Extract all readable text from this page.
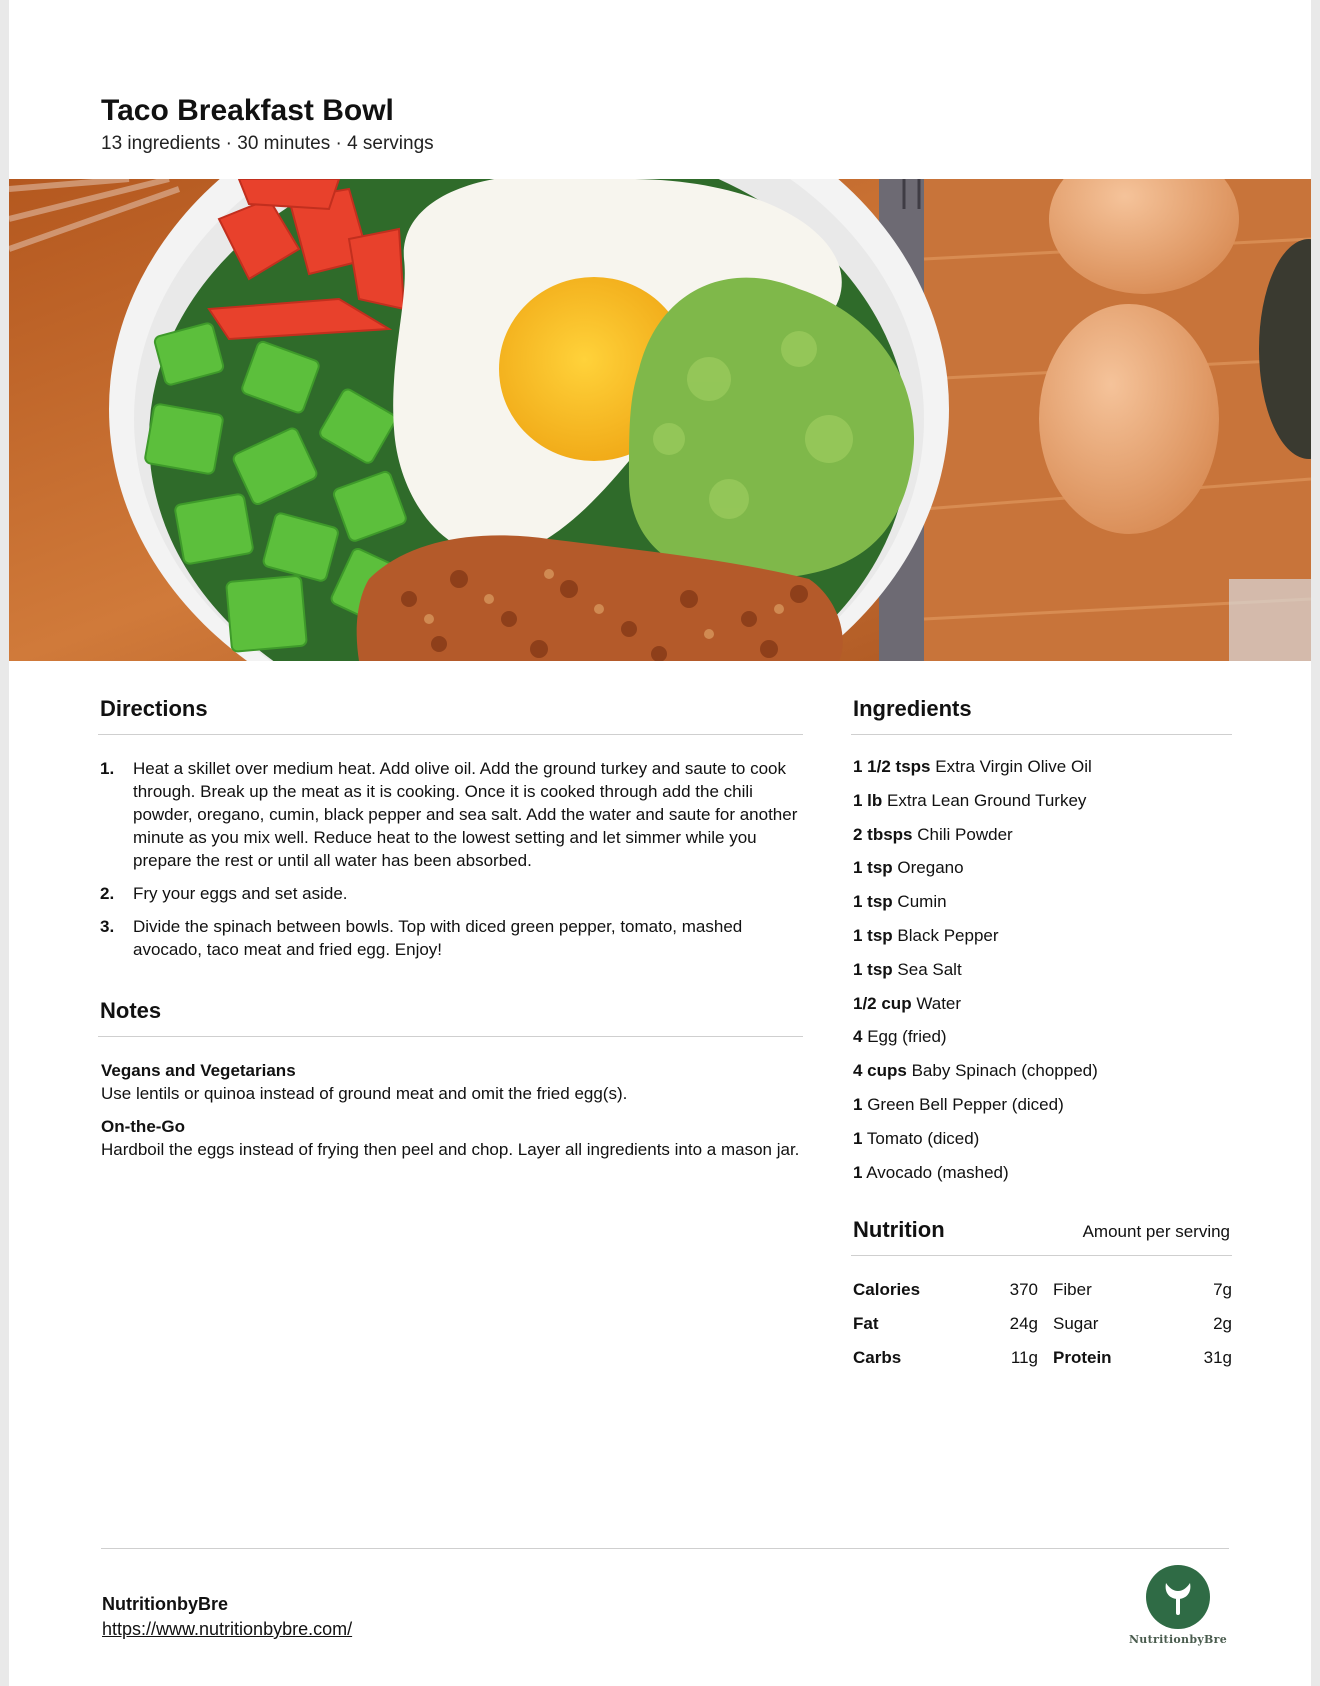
Taco Breakfast Bowl
13 ingredients · 30 minutes · 4 servings
Directions
1.	Heat a skillet over medium heat. Add olive oil. Add the ground turkey and saute to cook through. Break up the meat as it is cooking. Once it is cooked through add the chili powder, oregano, cumin, black pepper and sea salt. Add the water and saute for another minute as you mix well. Reduce heat to the lowest setting and let simmer while you prepare the rest or until all water has been absorbed.
2.	Fry your eggs and set aside.
3.	Divide the spinach between bowls. Top with diced green pepper, tomato, mashed avocado, taco meat and fried egg. Enjoy!
Notes
Vegans and Vegetarians
Use lentils or quinoa instead of ground meat and omit the fried egg(s).
On-the-Go
Hardboil the eggs instead of frying then peel and chop. Layer all ingredients into a mason jar.
Ingredients
1 1/2 tsps Extra Virgin Olive Oil
1 lb Extra Lean Ground Turkey
2 tbsps Chili Powder
1 tsp Oregano
1 tsp Cumin
1 tsp Black Pepper
1 tsp Sea Salt
1/2 cup Water
4 Egg (fried)
4 cups Baby Spinach (chopped)
1 Green Bell Pepper (diced)
1 Tomato (diced)
1 Avocado (mashed)
Nutrition	Amount per serving
Calories	370 Fiber	7g
Fat	24g Sugar	2g
Carbs	11g Protein	31g
NutritionbyBre
https://www.nutritionbybre.com/
NutritionbyBre
